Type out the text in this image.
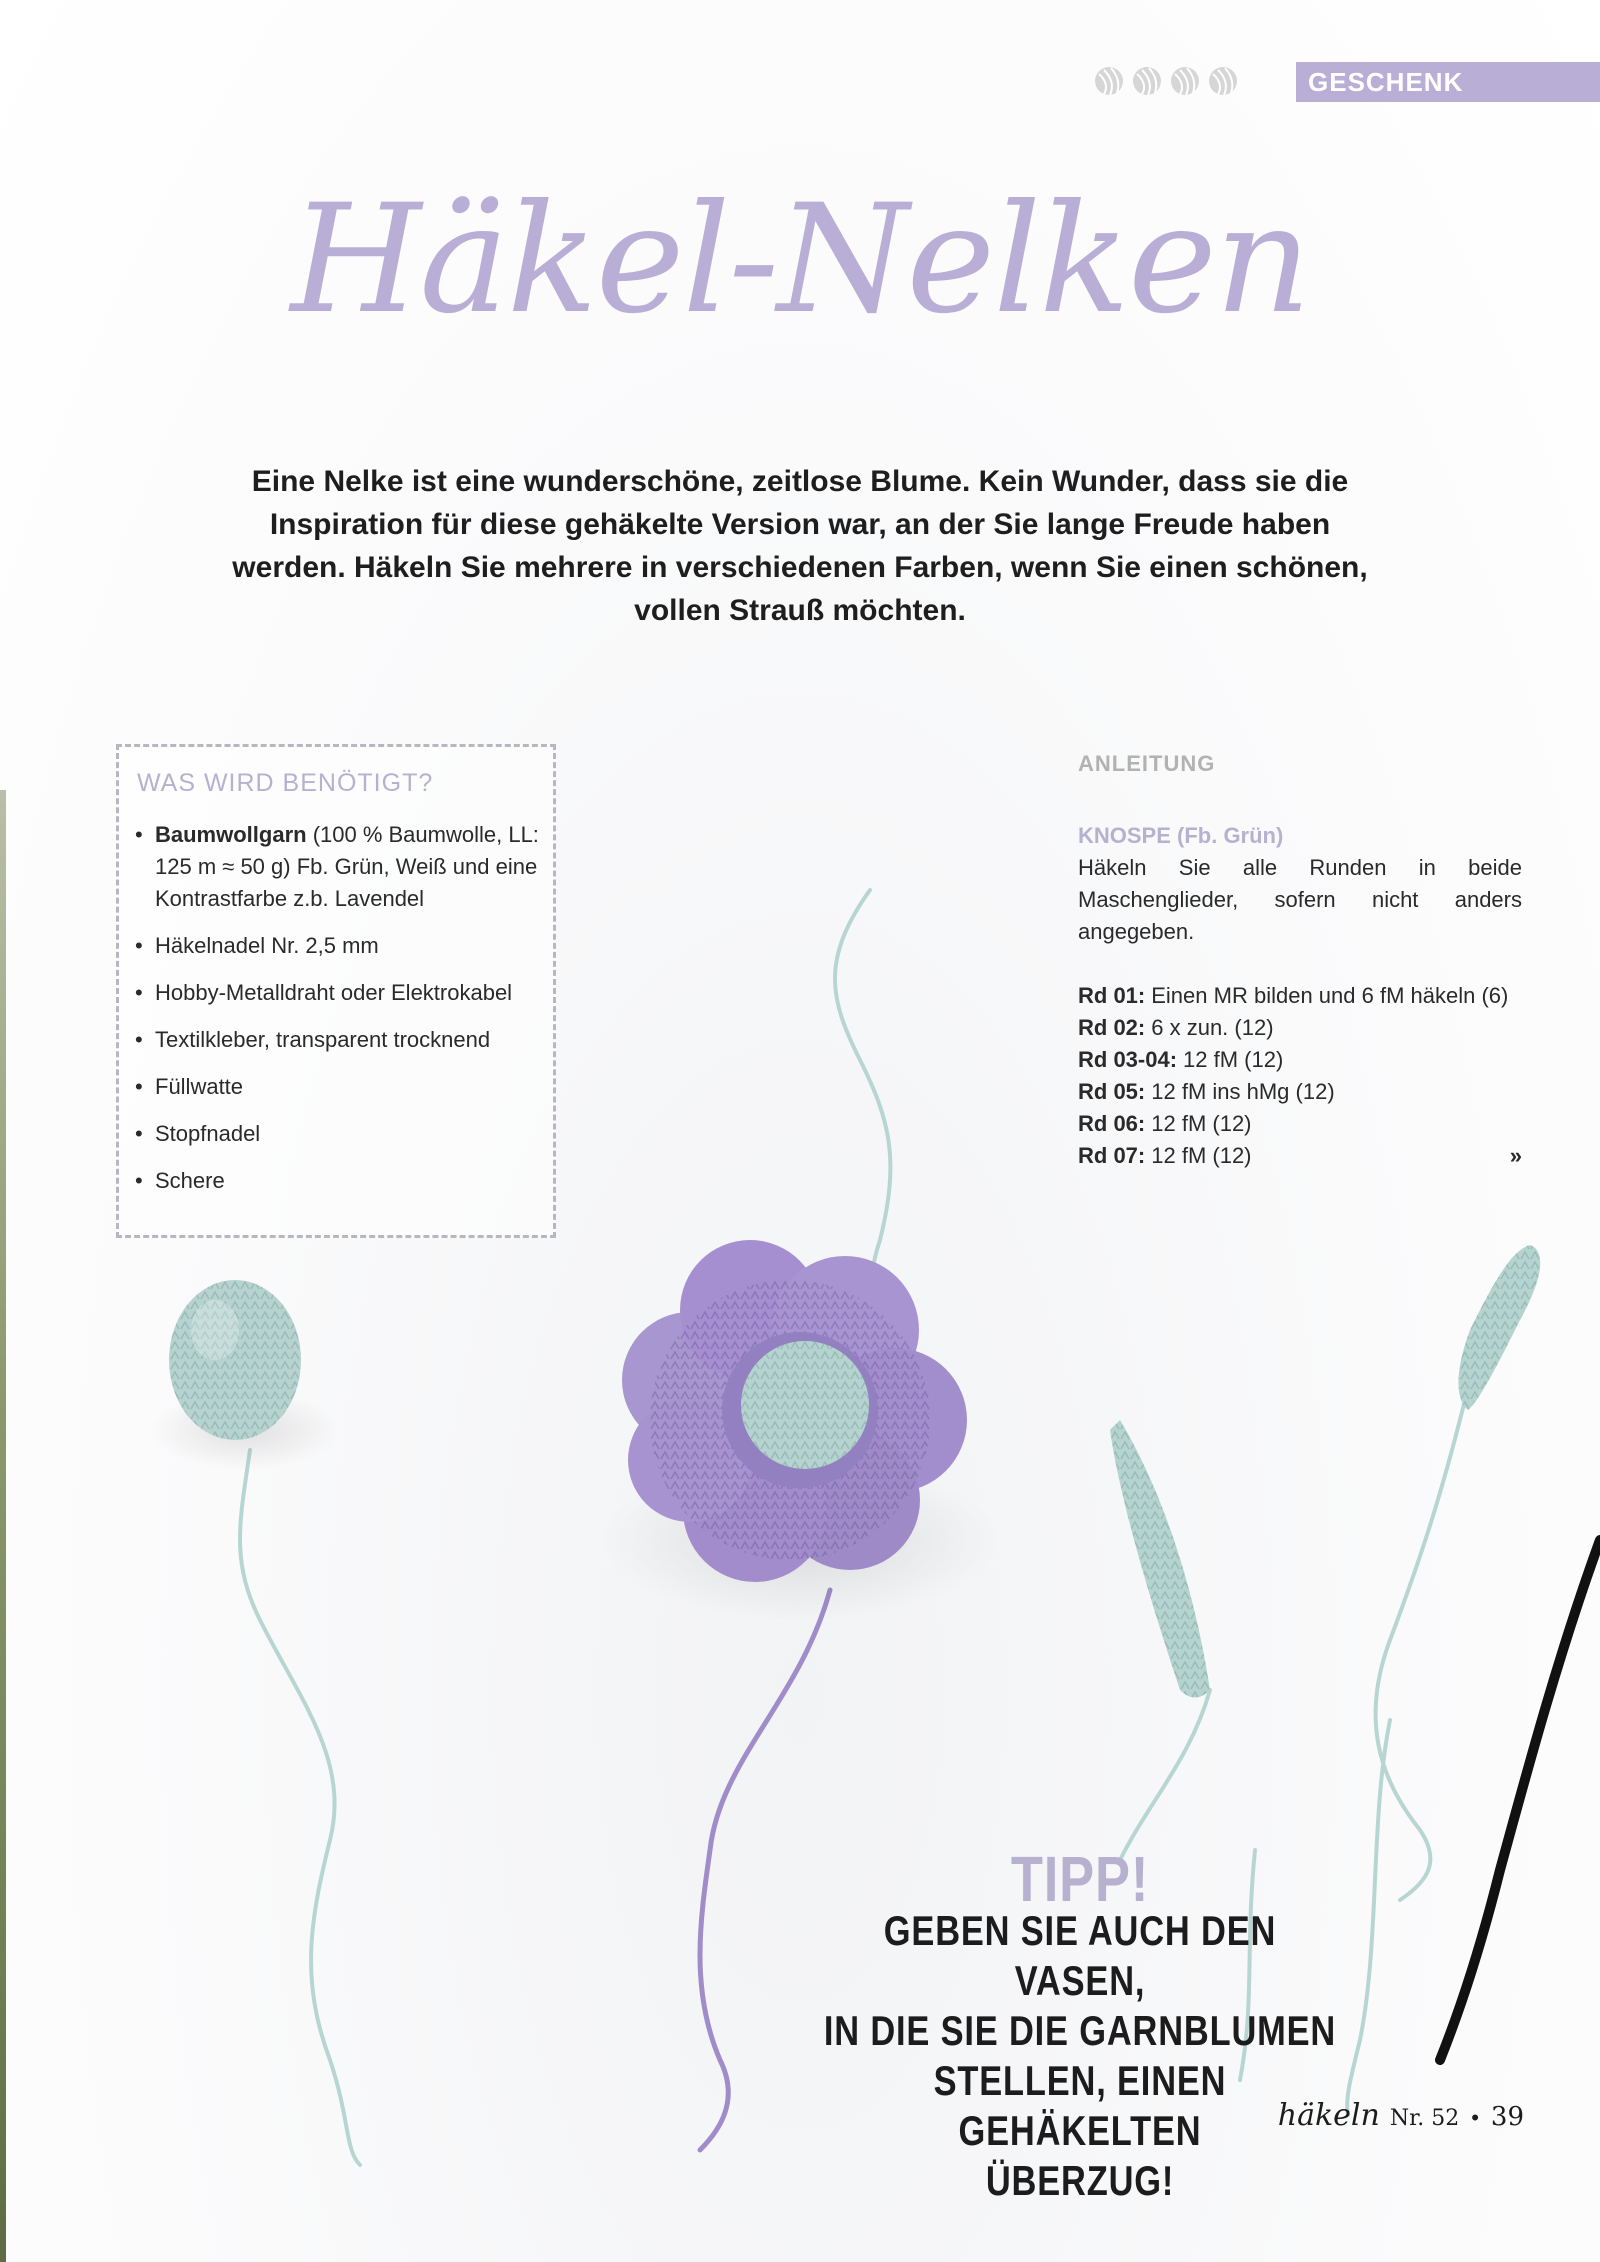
GESCHENK
Häkel-Nelken
Eine Nelke ist eine wunderschöne, zeitlose Blume. Kein Wunder, dass sie die
Inspiration für diese gehäkelte Version war, an der Sie lange Freude haben
werden. Häkeln Sie mehrere in verschiedenen Farben, wenn Sie einen schönen,
vollen Strauß möchten.
WAS WIRD BENÖTIGT?
• Baumwollgarn (100 % Baumwolle, LL: 125 m ≈ 50 g) Fb. Grün, Weiß und eine Kontrastfarbe z.b. Lavendel
• Häkelnadel Nr. 2,5 mm
• Hobby-Metalldraht oder Elektrokabel
• Textilkleber, transparent trocknend
• Füllwatte
• Stopfnadel
• Schere
ANLEITUNG
KNOSPE (Fb. Grün)
Häkeln Sie alle Runden in beide Maschenglieder, sofern nicht anders angegeben.
Rd 01: Einen MR bilden und 6 fM häkeln (6)
Rd 02: 6 x zun. (12)
Rd 03-04: 12 fM (12)
Rd 05: 12 fM ins hMg (12)
Rd 06: 12 fM (12)
Rd 07: 12 fM (12)	»
TIPP!
GEBEN SIE AUCH DEN VASEN,
IN DIE SIE DIE GARNBLUMEN
STELLEN, EINEN GEHÄKELTEN
ÜBERZUG!
häkeln Nr. 52 • 39
